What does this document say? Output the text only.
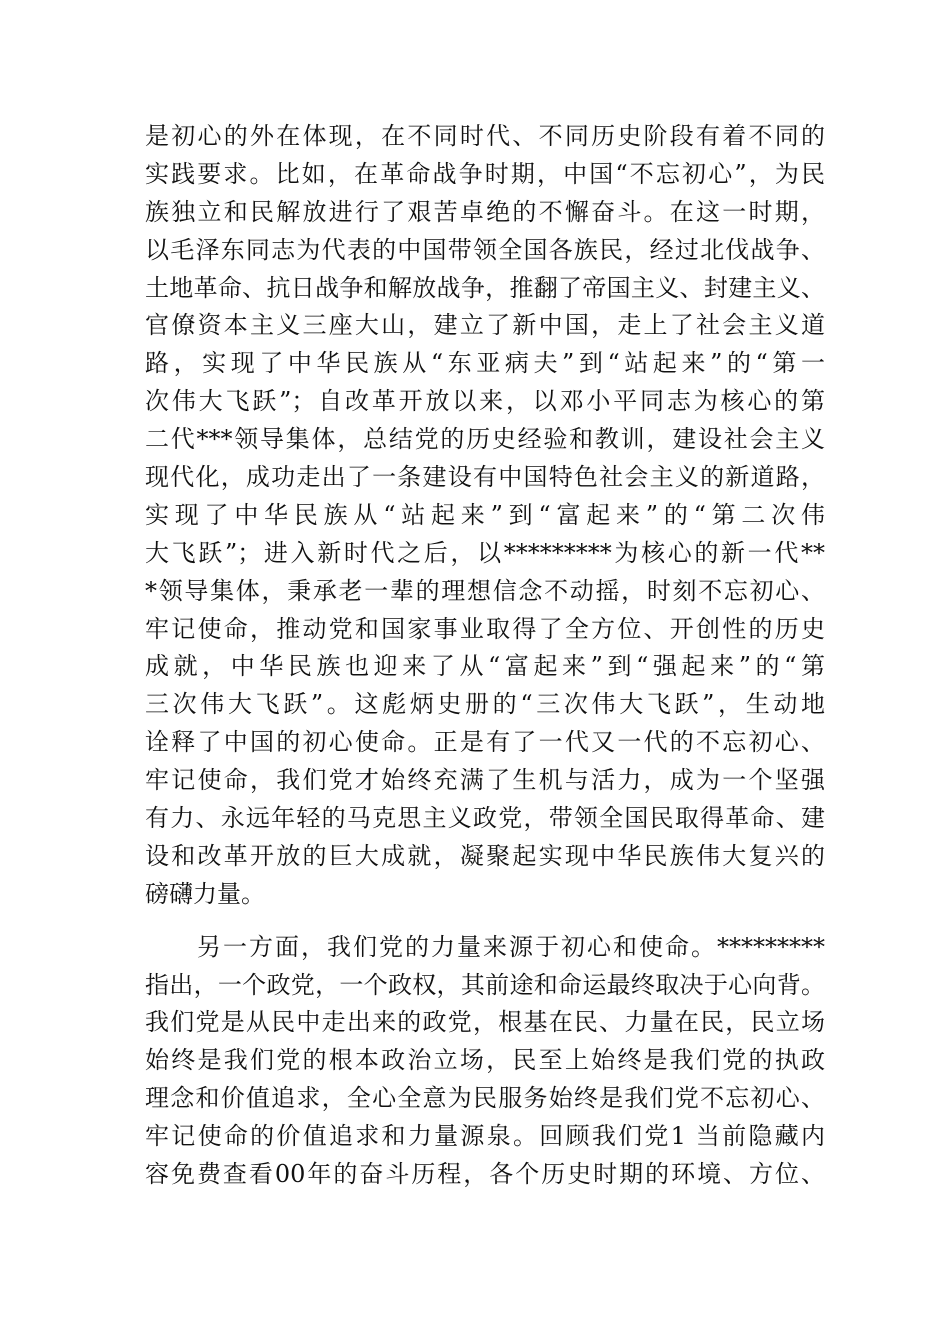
是初心的外在体现，在不同时代、不同历史阶段有着不同的
实践要求。比如，在革命战争时期，中国“不忘初心”，为民
族独立和民解放进行了艰苦卓绝的不懈奋斗。在这一时期，
以毛泽东同志为代表的中国带领全国各族民，经过北伐战争、
土地革命、抗日战争和解放战争，推翻了帝国主义、封建主义、
官僚资本主义三座大山，建立了新中国，走上了社会主义道
路，实现了中华民族从“东亚病夫”到“站起来”的“第一
次伟大飞跃”；自改革开放以来，以邓小平同志为核心的第
二代***领导集体，总结党的历史经验和教训，建设社会主义
现代化，成功走出了一条建设有中国特色社会主义的新道路，
实现了中华民族从“站起来”到“富起来”的“第二次伟
大飞跃”；进入新时代之后，以*********为核心的新一代**
*领导集体，秉承老一辈的理想信念不动摇，时刻不忘初心、
牢记使命，推动党和国家事业取得了全方位、开创性的历史
成就，中华民族也迎来了从“富起来”到“强起来”的“第
三次伟大飞跃”。这彪炳史册的“三次伟大飞跃”，生动地
诠释了中国的初心使命。正是有了一代又一代的不忘初心、
牢记使命，我们党才始终充满了生机与活力，成为一个坚强
有力、永远年轻的马克思主义政党，带领全国民取得革命、建
设和改革开放的巨大成就，凝聚起实现中华民族伟大复兴的
磅礴力量。
　　另一方面，我们党的力量来源于初心和使命。*********
指出，一个政党，一个政权，其前途和命运最终取决于心向背。
我们党是从民中走出来的政党，根基在民、力量在民，民立场
始终是我们党的根本政治立场，民至上始终是我们党的执政
理念和价值追求，全心全意为民服务始终是我们党不忘初心、
牢记使命的价值追求和力量源泉。回顾我们党1 当前隐藏内
容免费查看00年的奋斗历程，各个历史时期的环境、方位、
